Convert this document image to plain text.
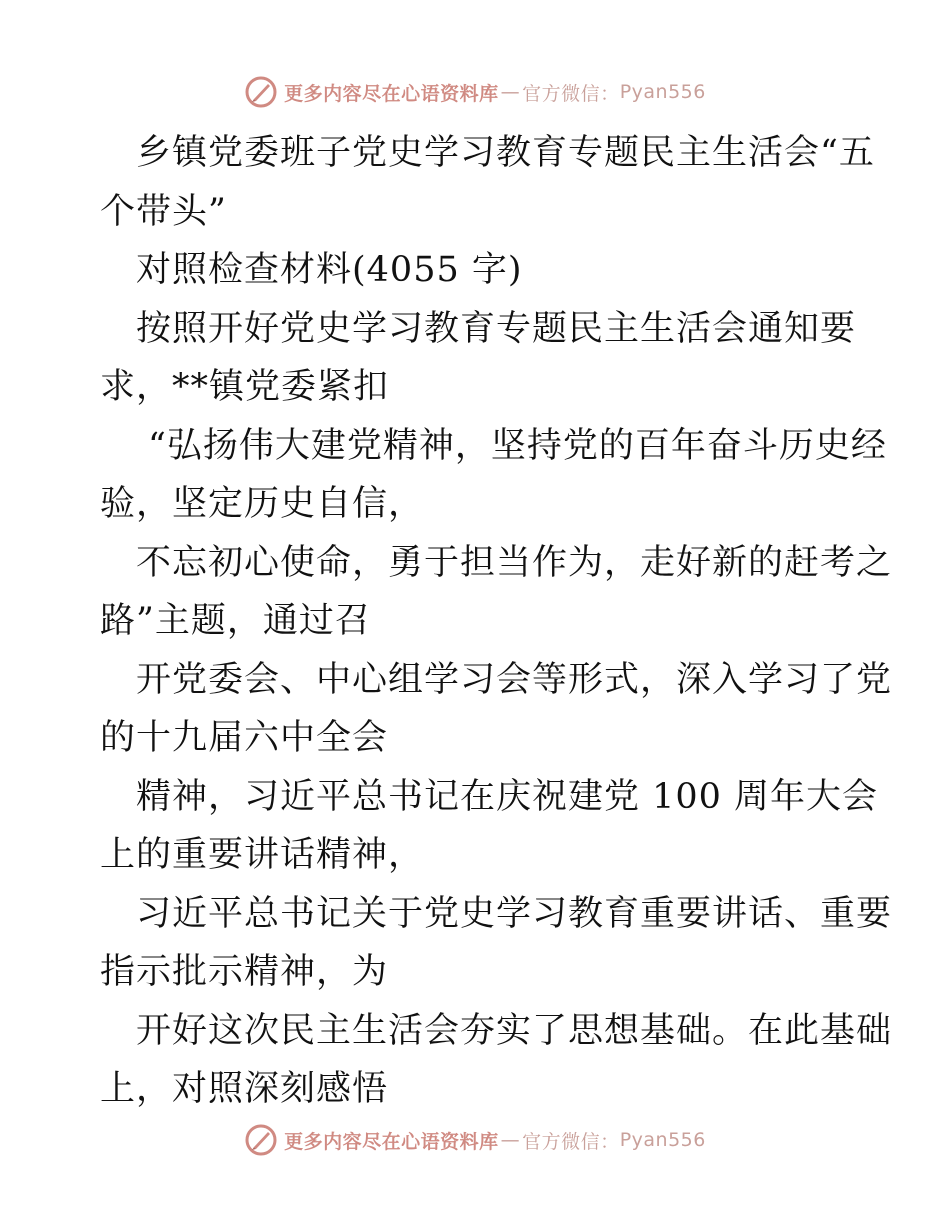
更多内容尽在心语资料库 — 官方微信： Pyan556
乡镇党委班子党史学习教育专题民主生活会“五
个带头”
对照检查材料(4055 字)
按照开好党史学习教育专题民主生活会通知要
求，**镇党委紧扣
“弘扬伟大建党精神，坚持党的百年奋斗历史经
验，坚定历史自信，
不忘初心使命，勇于担当作为，走好新的赶考之
路”主题，通过召
开党委会、中心组学习会等形式，深入学习了党
的十九届六中全会
精神，习近平总书记在庆祝建党 100 周年大会
上的重要讲话精神，
习近平总书记关于党史学习教育重要讲话、重要
指示批示精神，为
开好这次民主生活会夯实了思想基础。在此基础
上，对照深刻感悟
更多内容尽在心语资料库 — 官方微信： Pyan556
